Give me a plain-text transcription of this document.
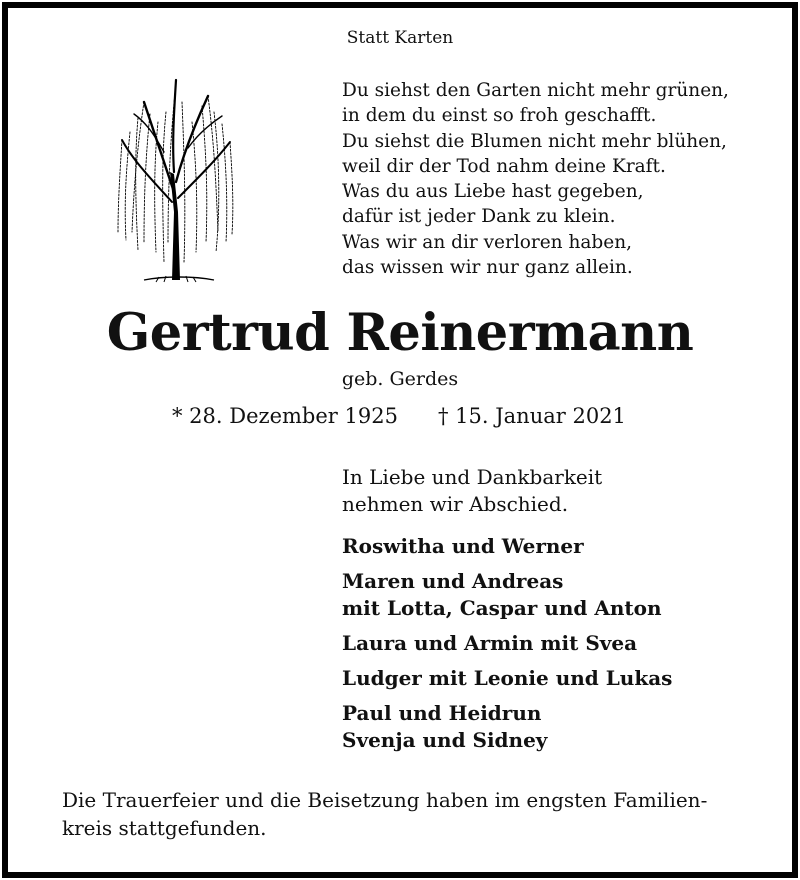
Statt Karten
Du siehst den Garten nicht mehr grünen,
in dem du einst so froh geschafft.
Du siehst die Blumen nicht mehr blühen,
weil dir der Tod nahm deine Kraft.
Was du aus Liebe hast gegeben,
dafür ist jeder Dank zu klein.
Was wir an dir verloren haben,
das wissen wir nur ganz allein.
Gertrud Reinermann
geb. Gerdes
* 28. Dezember 1925 † 15. Januar 2021
In Liebe und Dankbarkeit
nehmen wir Abschied.
Roswitha und Werner
Maren und Andreas
mit Lotta, Caspar und Anton
Laura und Armin mit Svea
Ludger mit Leonie und Lukas
Paul und Heidrun
Svenja und Sidney
Die Trauerfeier und die Beisetzung haben im engsten Familien-
kreis stattgefunden.
